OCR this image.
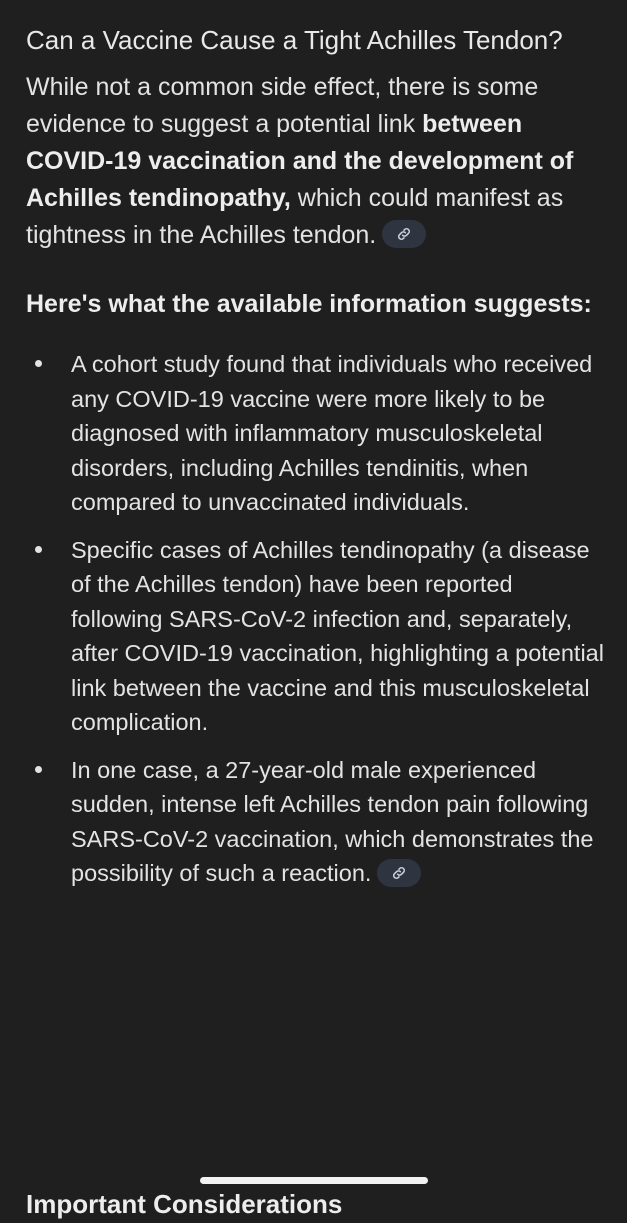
Can a Vaccine Cause a Tight Achilles Tendon?

While not a common side effect, there is some evidence to suggest a potential link between COVID-19 vaccination and the development of Achilles tendinopathy, which could manifest as tightness in the Achilles tendon.

Here's what the available information suggests:
A cohort study found that individuals who received any COVID-19 vaccine were more likely to be diagnosed with inflammatory musculoskeletal disorders, including Achilles tendinitis, when compared to unvaccinated individuals.
Specific cases of Achilles tendinopathy (a disease of the Achilles tendon) have been reported following SARS-CoV-2 infection and, separately, after COVID-19 vaccination, highlighting a potential link between the vaccine and this musculoskeletal complication.
In one case, a 27-year-old male experienced sudden, intense left Achilles tendon pain following SARS-CoV-2 vaccination, which demonstrates the possibility of such a reaction.
Important Considerations
